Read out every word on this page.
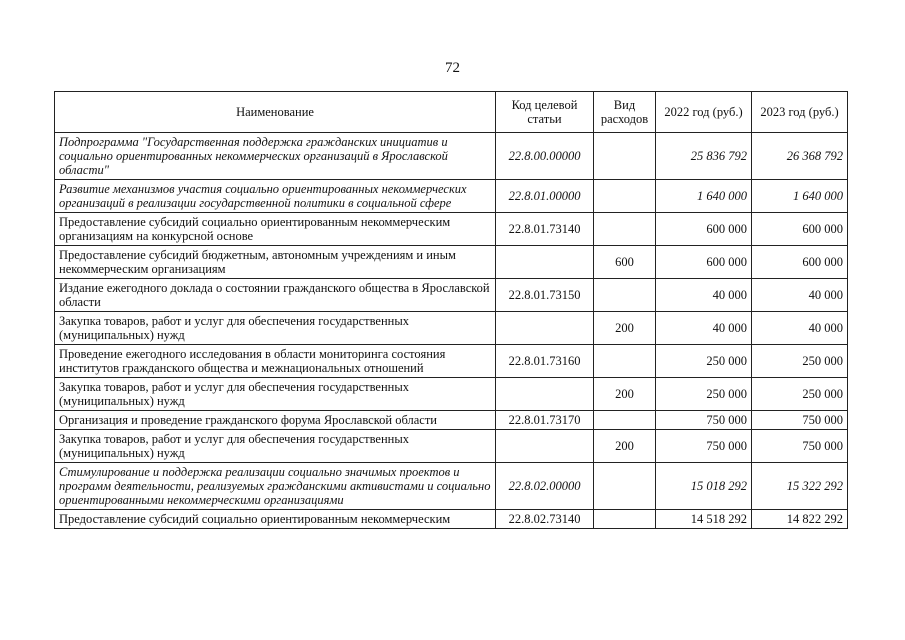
72
Наименование	Код целевой статьи	Вид расходов	2022 год (руб.)	2023 год (руб.)
Подпрограмма "Государственная поддержка гражданских инициатив и социально ориентированных некоммерческих организаций в Ярославской области"	22.8.00.00000		25 836 792	26 368 792
Развитие механизмов участия социально ориентированных некоммерческих организаций в реализации государственной политики в социальной сфере	22.8.01.00000		1 640 000	1 640 000
Предоставление субсидий социально ориентированным некоммерческим организациям на конкурсной основе	22.8.01.73140		600 000	600 000
Предоставление субсидий бюджетным, автономным учреждениям и иным некоммерческим организациям		600	600 000	600 000
Издание ежегодного доклада о состоянии гражданского общества в Ярославской области	22.8.01.73150		40 000	40 000
Закупка товаров, работ и услуг для обеспечения государственных (муниципальных) нужд		200	40 000	40 000
Проведение ежегодного исследования в области мониторинга состояния институтов гражданского общества и межнациональных отношений	22.8.01.73160		250 000	250 000
Закупка товаров, работ и услуг для обеспечения государственных (муниципальных) нужд		200	250 000	250 000
Организация и проведение гражданского форума Ярославской области	22.8.01.73170		750 000	750 000
Закупка товаров, работ и услуг для обеспечения государственных (муниципальных) нужд		200	750 000	750 000
Стимулирование и поддержка реализации социально значимых проектов и программ деятельности, реализуемых гражданскими активистами и социально ориентированными некоммерческими организациями	22.8.02.00000		15 018 292	15 322 292
Предоставление субсидий социально ориентированным некоммерческим	22.8.02.73140		14 518 292	14 822 292
